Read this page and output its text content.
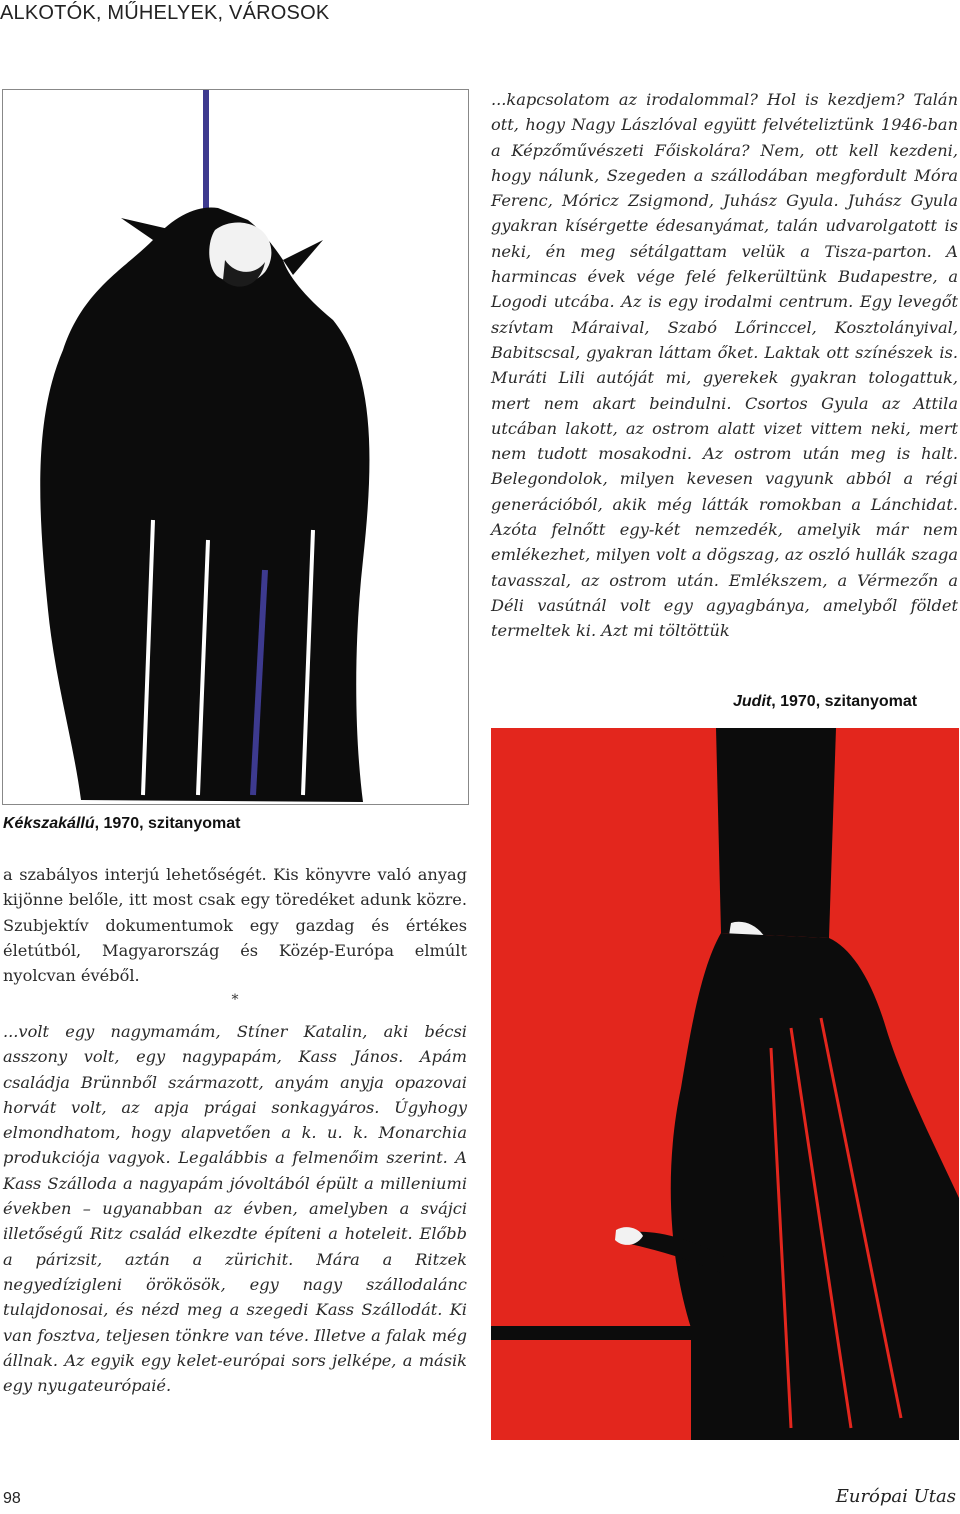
ALKOTÓK, MŰHELYEK, VÁROSOK
Kékszakállú, 1970, szitanyomat

...kapcsolatom az irodalommal? Hol is kezdjem? Talán ott, hogy Nagy Lászlóval együtt felvételiztünk 1946-ban a Képzőművészeti Főiskolára? Nem, ott kell kezdeni, hogy nálunk, Szegeden a szállodában megfordult Móra Ferenc, Móricz Zsigmond, Juhász Gyula. Juhász Gyula gyakran kísérgette édesanyámat, talán udvarolgatott is neki, én meg sétálgattam velük a Tisza-parton. A harmincas évek vége felé felkerültünk Budapestre, a Logodi utcába. Az is egy irodalmi centrum. Egy levegőt szívtam Máraival, Szabó Lőrinccel, Kosztolányival, Babitscsal, gyakran láttam őket. Laktak ott színészek is. Muráti Lili autóját mi, gyerekek gyakran tologattuk, mert nem akart beindulni. Csortos Gyula az Attila utcában lakott, az ostrom alatt vizet vittem neki, mert nem tudott mosakodni. Az ostrom után meg is halt. Belegondolok, milyen kevesen vagyunk abból a régi generációból, akik még látták romokban a Lánchidat. Azóta felnőtt egy-két nemzedék, amelyik már nem emlékezhet, milyen volt a dögszag, az oszló hullák szaga tavasszal, az ostrom után. Emlékszem, a Vérmezőn a Déli vasútnál volt egy agyagbánya, amelyből földet termeltek ki. Azt mi töltöttük

Judit, 1970, szitanyomat

a szabályos interjú lehetőségét. Kis könyvre való anyag kijönne belőle, itt most csak egy töredéket adunk közre. Szubjektív dokumentumok egy gazdag és értékes életútból, Magyarország és Közép-Európa elmúlt nyolcvan évéből.

*

...volt egy nagymamám, Stíner Katalin, aki bécsi asszony volt, egy nagypapám, Kass János. Apám családja Brünnből származott, anyám anyja opazovai horvát volt, az apja prágai sonkagyáros. Úgyhogy elmondhatom, hogy alapvetően a k. u. k. Monarchia produkciója vagyok. Legalábbis a felmenőim szerint. A Kass Szálloda a nagyapám jóvoltából épült a milleniumi években – ugyanabban az évben, amelyben a svájci illetőségű Ritz család elkezdte építeni a hoteleit. Előbb a párizsit, aztán a zürichit. Mára a Ritzek negyedízigleni örökösök, egy nagy szállodalánc tulajdonosai, és nézd meg a szegedi Kass Szállodát. Ki van fosztva, teljesen tönkre van téve. Illetve a falak még állnak. Az egyik egy kelet-európai sors jelképe, a másik egy nyugateurópaié.

98	Európai Utas
